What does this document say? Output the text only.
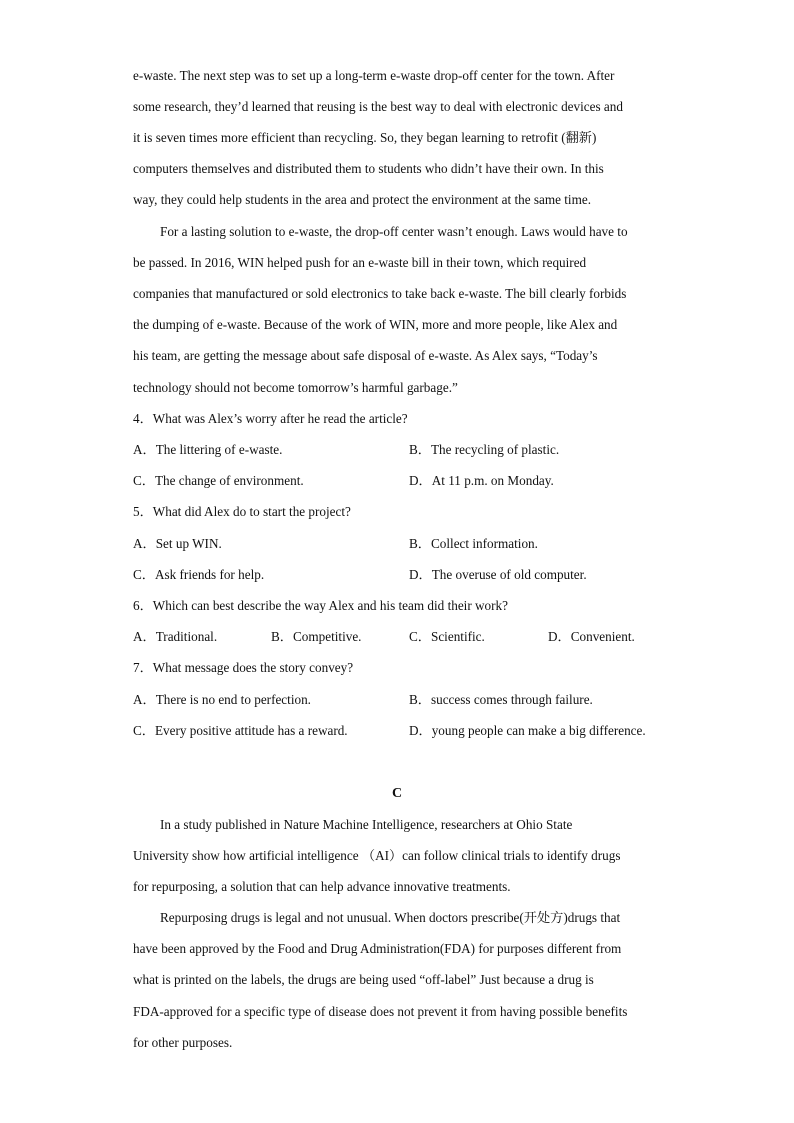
e-waste. The next step was to set up a long-term e-waste drop-off center for the town. After
some research, they’d learned that reusing is the best way to deal with electronic devices and
it is seven times more efficient than recycling. So, they began learning to retrofit (翻新)
computers themselves and distributed them to students who didn’t have their own. In this
way, they could help students in the area and protect the environment at the same time.
For a lasting solution to e-waste, the drop-off center wasn’t enough. Laws would have to
be passed. In 2016, WIN helped push for an e-waste bill in their town, which required
companies that manufactured or sold electronics to take back e-waste. The bill clearly forbids
the dumping of e-waste. Because of the work of WIN, more and more people, like Alex and
his team, are getting the message about safe disposal of e-waste. As Alex says, “Today’s
technology should not become tomorrow’s harmful garbage.”
4．What was Alex’s worry after he read the article?
A．The littering of e-waste.	B．The recycling of plastic.
C．The change of environment.	D．At 11 p.m. on Monday.
5．What did Alex do to start the project?
A．Set up WIN.	B．Collect information.
C．Ask friends for help.	D．The overuse of old computer.
6．Which can best describe the way Alex and his team did their work?
A．Traditional.	B．Competitive.	C．Scientific.	D．Convenient.
7．What message does the story convey?
A．There is no end to perfection.	B．success comes through failure.
C．Every positive attitude has a reward.	D．young people can make a big difference.
C
In a study published in Nature Machine Intelligence, researchers at Ohio State
University show how artificial intelligence （AI）can follow clinical trials to identify drugs
for repurposing, a solution that can help advance innovative treatments.
Repurposing drugs is legal and not unusual. When doctors prescribe(开处方)drugs that
have been approved by the Food and Drug Administration(FDA) for purposes different from
what is printed on the labels, the drugs are being used “off-label” Just because a drug is
FDA-approved for a specific type of disease does not prevent it from having possible benefits
for other purposes.
